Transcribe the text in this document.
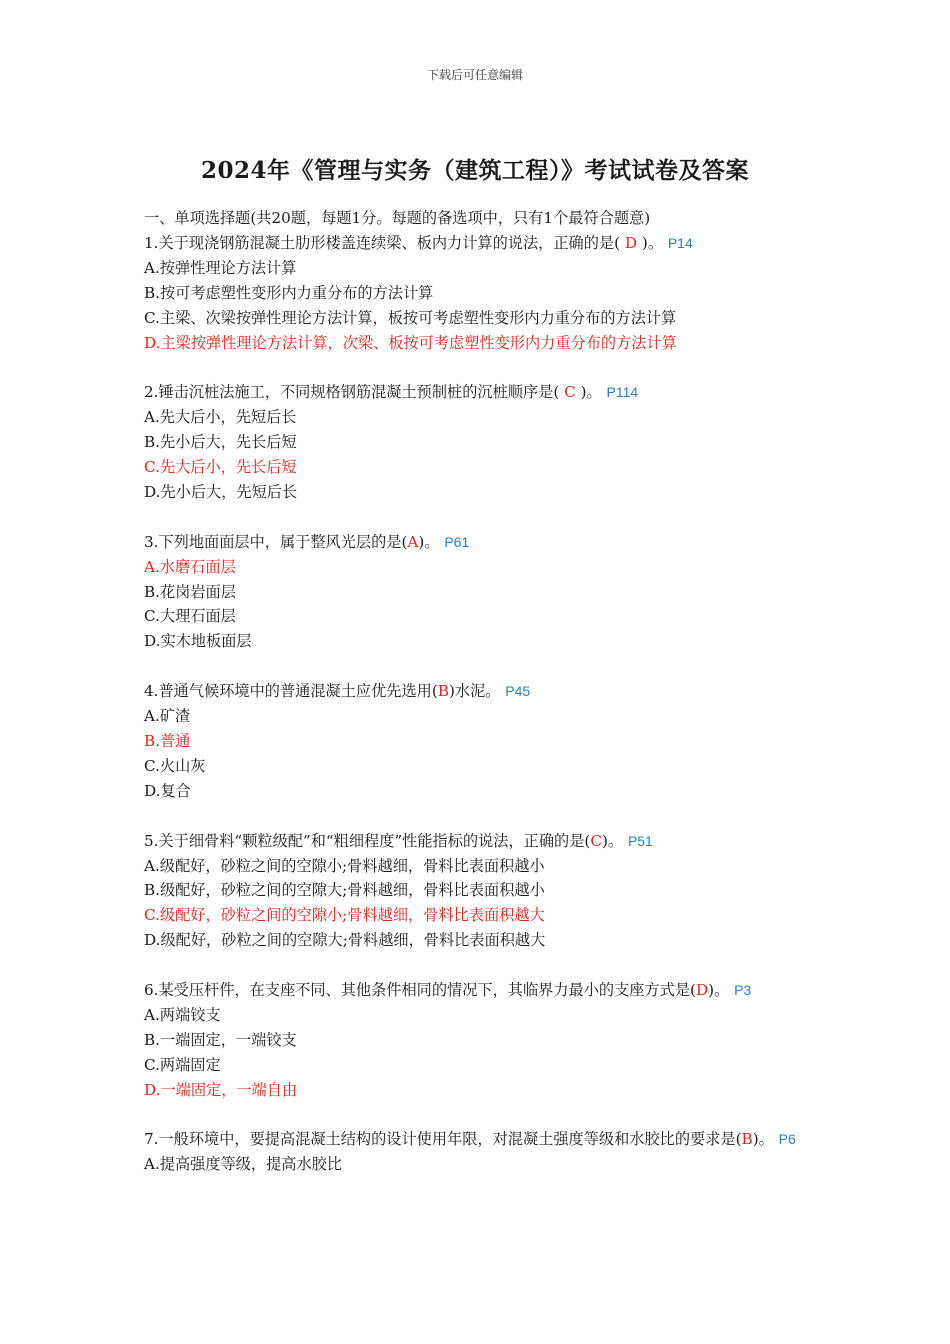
下载后可任意编辑
2024年《管理与实务（建筑工程）》考试试卷及答案
一、单项选择题(共20题，每题1分。每题的备选项中，只有1个最符合题意)
1.关于现浇钢筋混凝土肋形楼盖连续梁、板内力计算的说法，正确的是( D )。 P14
A.按弹性理论方法计算
B.按可考虑塑性变形内力重分布的方法计算
C.主梁、次梁按弹性理论方法计算，板按可考虑塑性变形内力重分布的方法计算
D.主梁按弹性理论方法计算，次梁、板按可考虑塑性变形内力重分布的方法计算
2.锤击沉桩法施工，不同规格钢筋混凝土预制桩的沉桩顺序是( C )。 P114
A.先大后小，先短后长
B.先小后大，先长后短
C.先大后小，先长后短
D.先小后大，先短后长
3.下列地面面层中，属于整风光层的是(A)。 P61
A.水磨石面层
B.花岗岩面层
C.大理石面层
D.实木地板面层
4.普通气候环境中的普通混凝土应优先选用(B)水泥。 P45
A.矿渣
B.普通
C.火山灰
D.复合
5.关于细骨料“颗粒级配”和“粗细程度”性能指标的说法，正确的是(C)。 P51
A.级配好，砂粒之间的空隙小;骨料越细，骨料比表面积越小
B.级配好，砂粒之间的空隙大;骨料越细，骨料比表面积越小
C.级配好，砂粒之间的空隙小;骨料越细，骨料比表面积越大
D.级配好，砂粒之间的空隙大;骨料越细，骨料比表面积越大
6.某受压杆件，在支座不同、其他条件相同的情况下，其临界力最小的支座方式是(D)。 P3
A.两端铰支
B.一端固定，一端铰支
C.两端固定
D.一端固定，一端自由
7.一般环境中，要提高混凝土结构的设计使用年限，对混凝土强度等级和水胶比的要求是(B)。 P6
A.提高强度等级，提高水胶比
